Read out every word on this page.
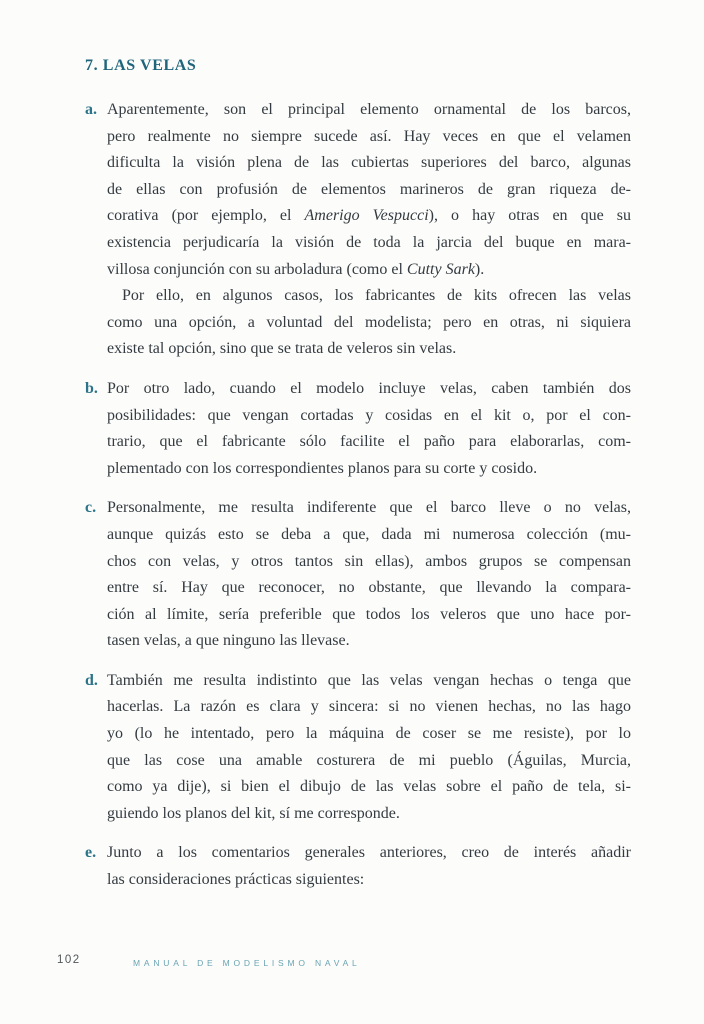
7. LAS VELAS
a. Aparentemente, son el principal elemento ornamental de los barcos,
pero realmente no siempre sucede así. Hay veces en que el velamen
dificulta la visión plena de las cubiertas superiores del barco, algunas
de ellas con profusión de elementos marineros de gran riqueza de-
corativa (por ejemplo, el Amerigo Vespucci), o hay otras en que su
existencia perjudicaría la visión de toda la jarcia del buque en mara-
villosa conjunción con su arboladura (como el Cutty Sark).
Por ello, en algunos casos, los fabricantes de kits ofrecen las velas
como una opción, a voluntad del modelista; pero en otras, ni siquiera
existe tal opción, sino que se trata de veleros sin velas.
b. Por otro lado, cuando el modelo incluye velas, caben también dos
posibilidades: que vengan cortadas y cosidas en el kit o, por el con-
trario, que el fabricante sólo facilite el paño para elaborarlas, com-
plementado con los correspondientes planos para su corte y cosido.
c. Personalmente, me resulta indiferente que el barco lleve o no velas,
aunque quizás esto se deba a que, dada mi numerosa colección (mu-
chos con velas, y otros tantos sin ellas), ambos grupos se compensan
entre sí. Hay que reconocer, no obstante, que llevando la compara-
ción al límite, sería preferible que todos los veleros que uno hace por-
tasen velas, a que ninguno las llevase.
d. También me resulta indistinto que las velas vengan hechas o tenga que
hacerlas. La razón es clara y sincera: si no vienen hechas, no las hago
yo (lo he intentado, pero la máquina de coser se me resiste), por lo
que las cose una amable costurera de mi pueblo (Águilas, Murcia,
como ya dije), si bien el dibujo de las velas sobre el paño de tela, si-
guiendo los planos del kit, sí me corresponde.
e. Junto a los comentarios generales anteriores, creo de interés añadir
las consideraciones prácticas siguientes:
102	MANUAL DE MODELISMO NAVAL
